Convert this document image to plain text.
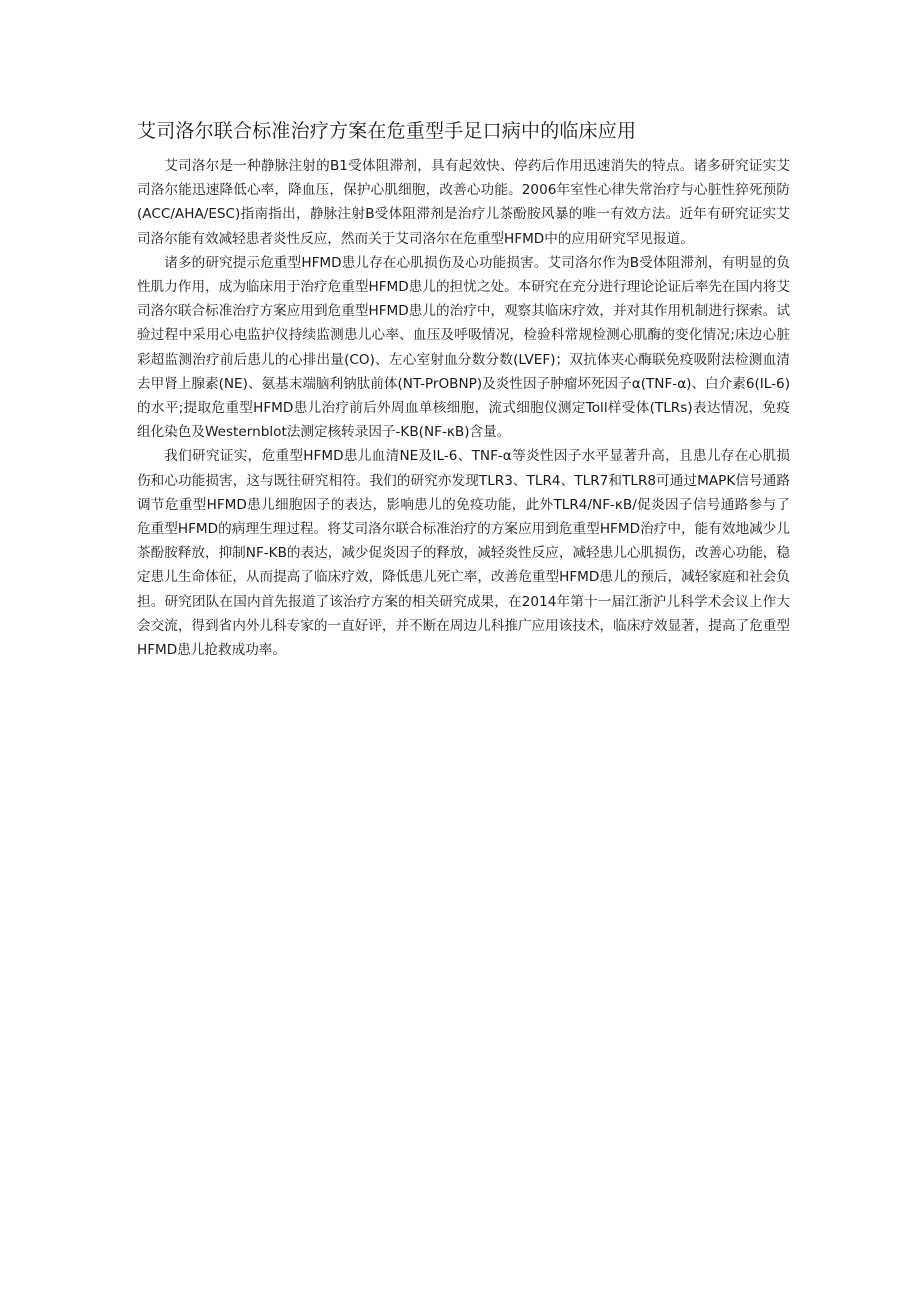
艾司洛尔联合标准治疗方案在危重型手足口病中的临床应用

艾司洛尔是一种静脉注射的B1受体阻滞剂，具有起效快、停药后作用迅速消失的特点。诸多研究证实艾司洛尔能迅速降低心率，降血压，保护心肌细胞，改善心功能。2006年室性心律失常治疗与心脏性猝死预防(ACC/AHA/ESC)指南指出，静脉注射B受体阻滞剂是治疗儿茶酚胺风暴的唯一有效方法。近年有研究证实艾司洛尔能有效减轻患者炎性反应，然而关于艾司洛尔在危重型HFMD中的应用研究罕见报道。

诸多的研究提示危重型HFMD患儿存在心肌损伤及心功能损害。艾司洛尔作为B受体阻滞剂，有明显的负性肌力作用，成为临床用于治疗危重型HFMD患儿的担忧之处。本研究在充分进行理论论证后率先在国内将艾司洛尔联合标准治疗方案应用到危重型HFMD患儿的治疗中，观察其临床疗效，并对其作用机制进行探索。试验过程中采用心电监护仪持续监测患儿心率、血压及呼吸情况，检验科常规检测心肌酶的变化情况;床边心脏彩超监测治疗前后患儿的心排出量(CO)、左心室射血分数分数(LVEF)；双抗体夹心酶联免疫吸附法检测血清去甲肾上腺素(NE)、氨基末端脑利钠肽前体(NT-PrOBNP)及炎性因子肿瘤坏死因子α(TNF-α)、白介素6(IL-6)的水平;提取危重型HFMD患儿治疗前后外周血单核细胞，流式细胞仪测定Toll样受体(TLRs)表达情况，免疫组化染色及Westernblot法测定核转录因子-KB(NF-κB)含量。

我们研究证实，危重型HFMD患儿血清NE及IL-6、TNF-α等炎性因子水平显著升高，且患儿存在心肌损伤和心功能损害，这与既往研究相符。我们的研究亦发现TLR3、TLR4、TLR7和TLR8可通过MAPK信号通路调节危重型HFMD患儿细胞因子的表达，影响患儿的免疫功能，此外TLR4/NF-κB/促炎因子信号通路参与了危重型HFMD的病理生理过程。将艾司洛尔联合标准治疗的方案应用到危重型HFMD治疗中，能有效地减少儿茶酚胺释放，抑制NF-KB的表达，减少促炎因子的释放，减轻炎性反应，减轻患儿心肌损伤，改善心功能，稳定患儿生命体征，从而提高了临床疗效，降低患儿死亡率，改善危重型HFMD患儿的预后，减轻家庭和社会负担。研究团队在国内首先报道了该治疗方案的相关研究成果，在2014年第十一届江浙沪儿科学术会议上作大会交流，得到省内外儿科专家的一直好评，并不断在周边儿科推广应用该技术，临床疗效显著，提高了危重型HFMD患儿抢救成功率。
